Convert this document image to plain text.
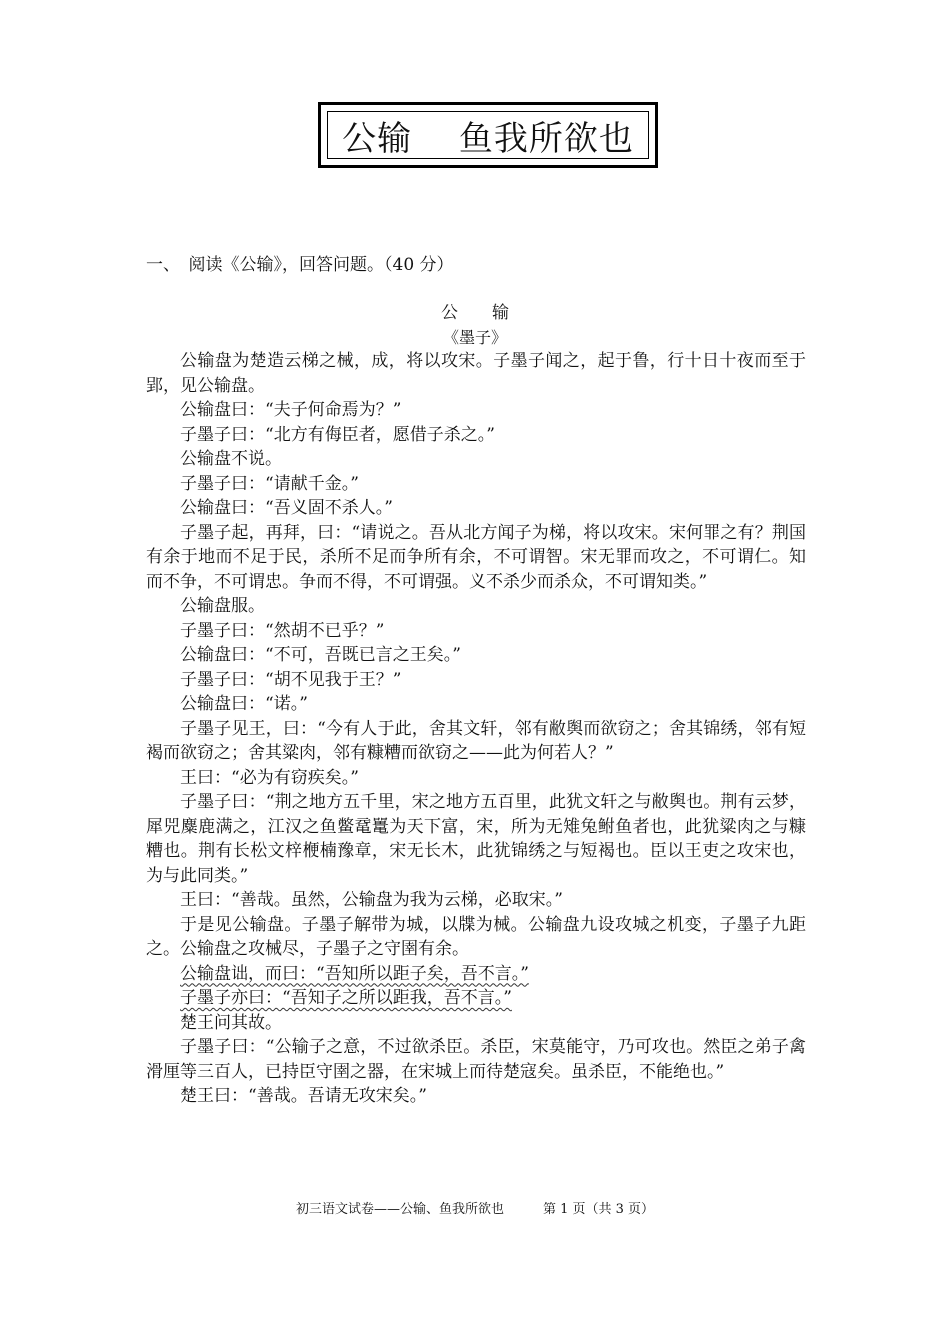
公输　 鱼我所欲也
一、　阅读《公输》，回答问题。（40 分）
公　　输
《墨子》

公输盘为楚造云梯之械，成，将以攻宋。子墨子闻之，起于鲁，行十日十夜而至于郢，见公输盘。

公输盘曰：“夫子何命焉为？”

子墨子曰：“北方有侮臣者，愿借子杀之。”

公输盘不说。

子墨子曰：“请献千金。”

公输盘曰：“吾义固不杀人。”

子墨子起，再拜，曰：“请说之。吾从北方闻子为梯，将以攻宋。宋何罪之有？荆国有余于地而不足于民，杀所不足而争所有余，不可谓智。宋无罪而攻之，不可谓仁。知而不争，不可谓忠。争而不得，不可谓强。义不杀少而杀众，不可谓知类。”

公输盘服。

子墨子曰：“然胡不已乎？”

公输盘曰：“不可，吾既已言之王矣。”

子墨子曰：“胡不见我于王？”

公输盘曰：“诺。”

子墨子见王，曰：“今有人于此，舍其文轩，邻有敝舆而欲窃之；舍其锦绣，邻有短褐而欲窃之；舍其粱肉，邻有糠糟而欲窃之——此为何若人？”

王曰：“必为有窃疾矣。”

子墨子曰：“荆之地方五千里，宋之地方五百里，此犹文轩之与敝舆也。荆有云梦，犀兕麋鹿满之，江汉之鱼鳖鼋鼍为天下富，宋，所为无雉兔鲋鱼者也，此犹粱肉之与糠糟也。荆有长松文梓楩楠豫章，宋无长木，此犹锦绣之与短褐也。臣以王吏之攻宋也，为与此同类。”

王曰：“善哉。虽然，公输盘为我为云梯，必取宋。”

于是见公输盘。子墨子解带为城，以牒为械。公输盘九设攻城之机变，子墨子九距之。公输盘之攻械尽，子墨子之守圉有余。

公输盘诎，而曰：“吾知所以距子矣，吾不言。”

子墨子亦曰：“吾知子之所以距我，吾不言。”

楚王问其故。

子墨子曰：“公输子之意，不过欲杀臣。杀臣，宋莫能守，乃可攻也。然臣之弟子禽滑厘等三百人，已持臣守圉之器，在宋城上而待楚寇矣。虽杀臣，不能绝也。”

楚王曰：“善哉。吾请无攻宋矣。”

初三语文试卷——公输、鱼我所欲也　　　第 1 页（共 3 页）
